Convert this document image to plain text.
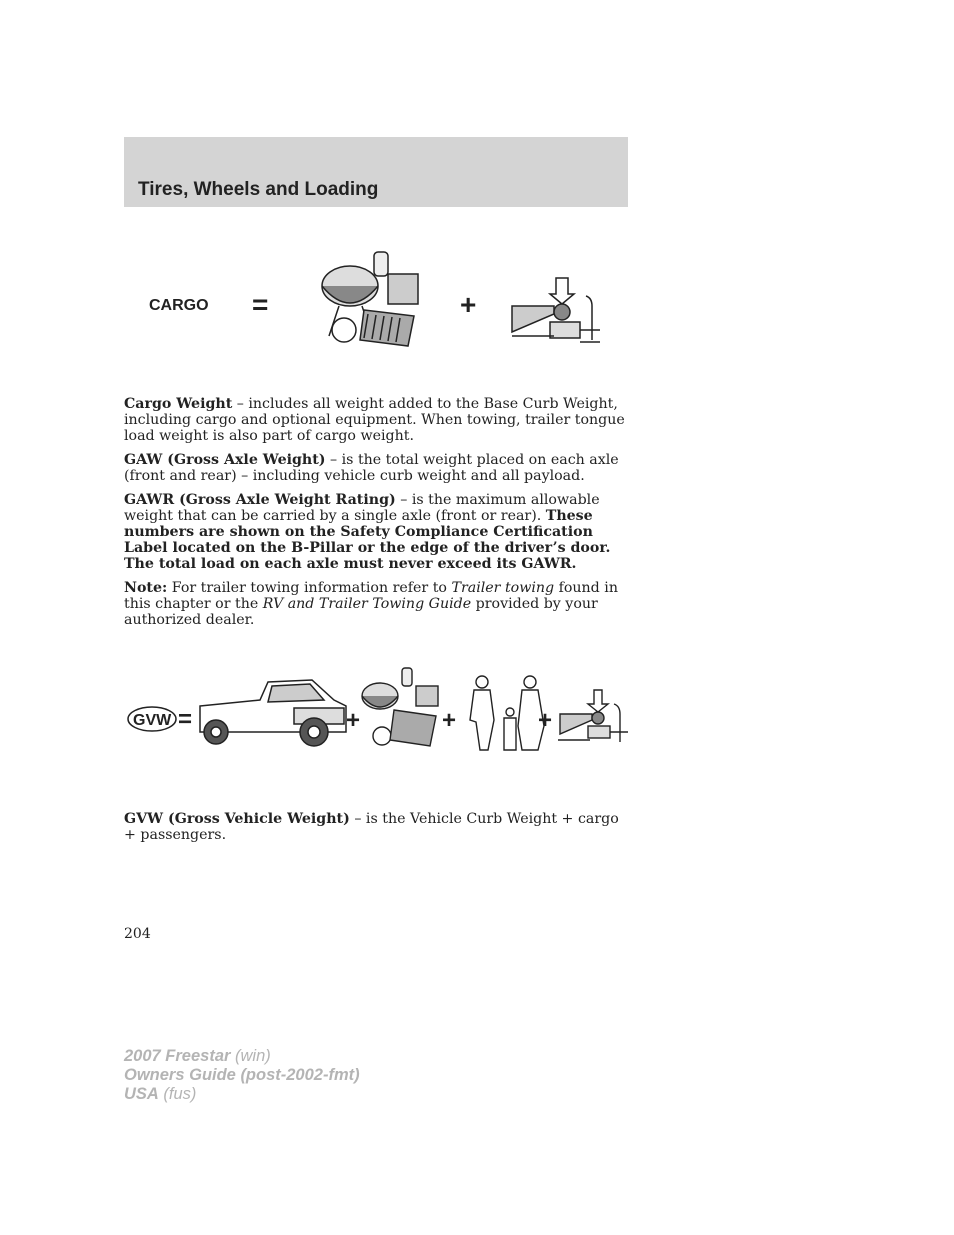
Tires, Wheels and Loading
CARGO =	+

Cargo Weight – includes all weight added to the Base Curb Weight, including cargo and optional equipment. When towing, trailer tongue load weight is also part of cargo weight.

GAW (Gross Axle Weight) – is the total weight placed on each axle (front and rear) – including vehicle curb weight and all payload.

GAWR (Gross Axle Weight Rating) – is the maximum allowable weight that can be carried by a single axle (front or rear). These numbers are shown on the Safety Compliance Certification Label located on the B-Pillar or the edge of the driver’s door. The total load on each axle must never exceed its GAWR.

Note: For trailer towing information refer to Trailer towing found in this chapter or the RV and Trailer Towing Guide provided by your authorized dealer.

GVW =	+	+	+

GVW (Gross Vehicle Weight) – is the Vehicle Curb Weight + cargo + passengers.

204
2007 Freestar (win)
Owners Guide (post-2002-fmt)
USA (fus)
